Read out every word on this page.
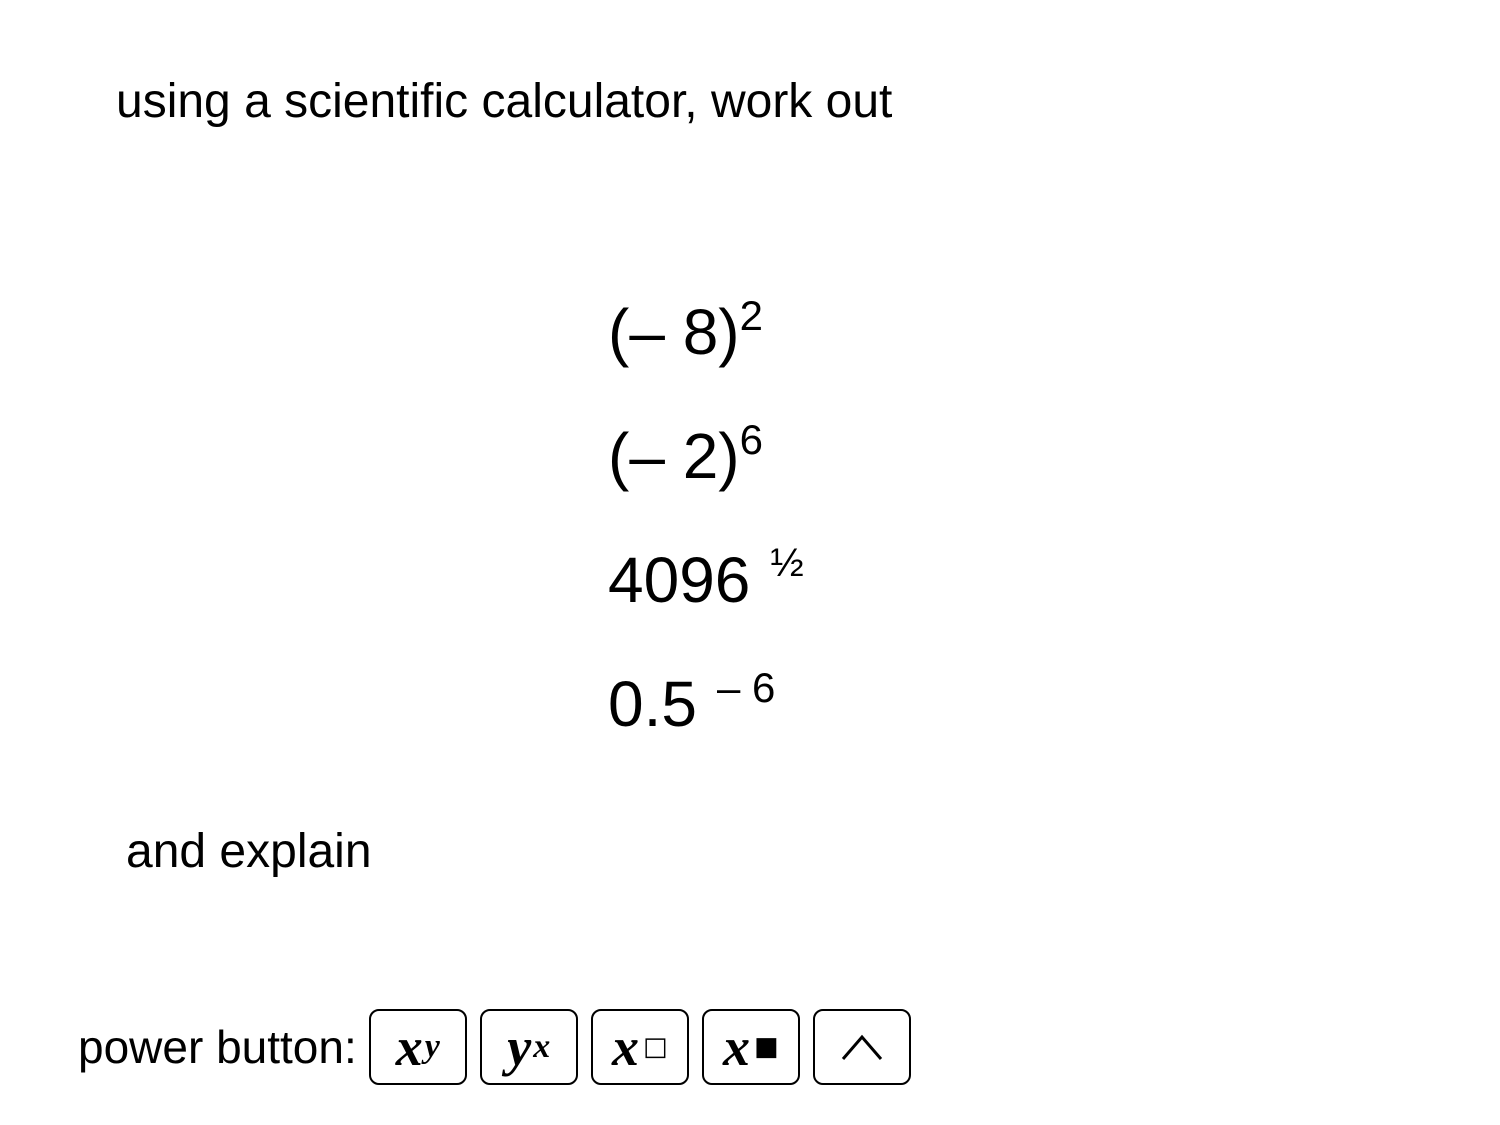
using a scientific calculator, work out
(– 8)$^2$
(– 2)$^6$
4096 $^{\frac{1}{2}}$
0.5 $^{- 6}$
and explain
power button: x y y x x □ x ■
